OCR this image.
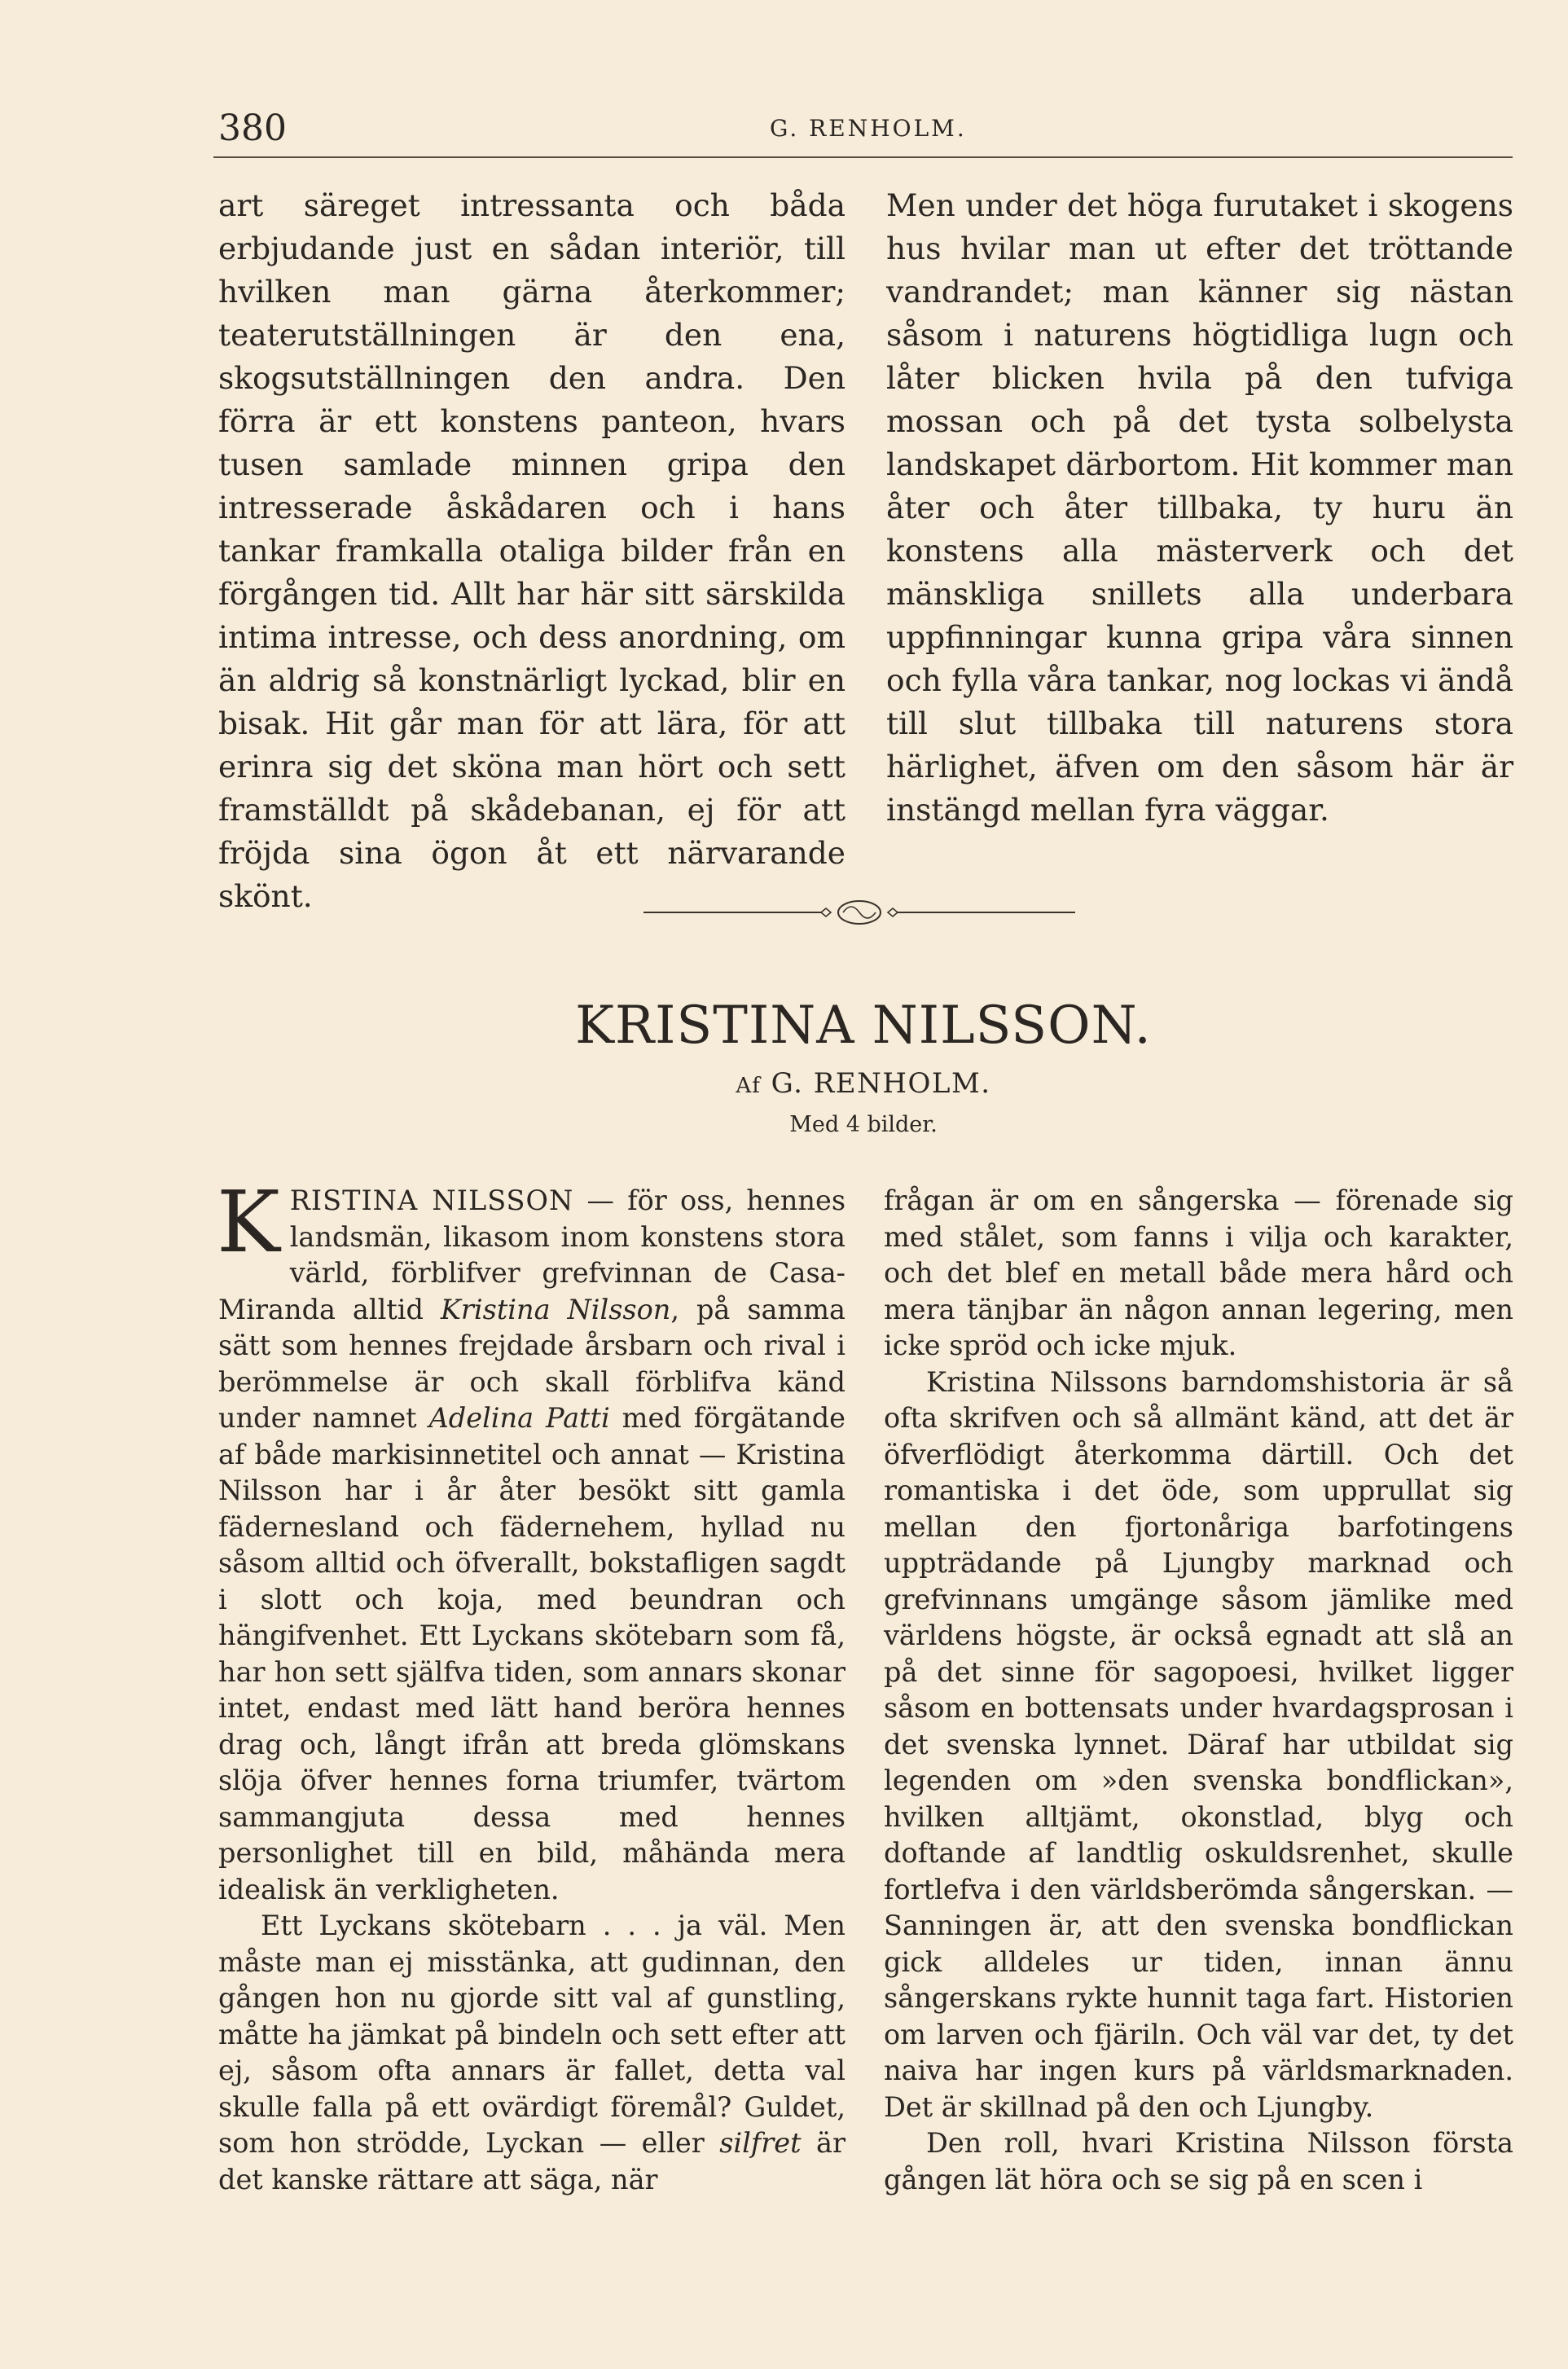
380	G. RENHOLM.

art säreget intressanta och båda erbjudande just en sådan interiör, till hvilken man gärna återkommer; teaterutställningen är den ena, skogsutställningen den andra. Den förra är ett konstens panteon, hvars tusen samlade minnen gripa den intresserade åskådaren och i hans tankar framkalla otaliga bilder från en förgången tid. Allt har här sitt särskilda intima intresse, och dess anordning, om än aldrig så konstnärligt lyckad, blir en bisak. Hit går man för att lära, för att erinra sig det sköna man hört och sett framställdt på skådebanan, ej för att fröjda sina ögon åt ett närvarande skönt.

Men under det höga furutaket i skogens hus hvilar man ut efter det tröttande vandrandet; man känner sig nästan såsom i naturens högtidliga lugn och låter blicken hvila på den tufviga mossan och på det tysta solbelysta landskapet därbortom. Hit kommer man åter och åter tillbaka, ty huru än konstens alla mästerverk och det mänskliga snillets alla underbara uppfinningar kunna gripa våra sinnen och fylla våra tankar, nog lockas vi ändå till slut tillbaka till naturens stora härlighet, äfven om den såsom här är instängd mellan fyra väggar.

KRISTINA NILSSON.
Af G. RENHOLM.
Med 4 bilder.

KRISTINA NILSSON — för oss, hennes landsmän, likasom inom konstens stora värld, förblifver grefvinnan de Casa-Miranda alltid Kristina Nilsson, på samma sätt som hennes frejdade årsbarn och rival i berömmelse är och skall förblifva känd under namnet Adelina Patti med förgätande af både markisinnetitel och annat — Kristina Nilsson har i år åter besökt sitt gamla fädernesland och fädernehem, hyllad nu såsom alltid och öfverallt, bokstafligen sagdt i slott och koja, med beundran och hängifvenhet. Ett Lyckans skötebarn som få, har hon sett själfva tiden, som annars skonar intet, endast med lätt hand beröra hennes drag och, långt ifrån att breda glömskans slöja öfver hennes forna triumfer, tvärtom sammangjuta dessa med hennes personlighet till en bild, måhända mera idealisk än verkligheten.

Ett Lyckans skötebarn . . . ja väl. Men måste man ej misstänka, att gudinnan, den gången hon nu gjorde sitt val af gunstling, måtte ha jämkat på bindeln och sett efter att ej, såsom ofta annars är fallet, detta val skulle falla på ett ovärdigt föremål? Guldet, som hon strödde, Lyckan — eller silfret är det kanske rättare att säga, när

frågan är om en sångerska — förenade sig med stålet, som fanns i vilja och karakter, och det blef en metall både mera hård och mera tänjbar än någon annan legering, men icke spröd och icke mjuk.

Kristina Nilssons barndomshistoria är så ofta skrifven och så allmänt känd, att det är öfverflödigt återkomma därtill. Och det romantiska i det öde, som upprullat sig mellan den fjortonåriga barfotingens uppträdande på Ljungby marknad och grefvinnans umgänge såsom jämlike med världens högste, är också egnadt att slå an på det sinne för sagopoesi, hvilket ligger såsom en bottensats under hvardagsprosan i det svenska lynnet. Däraf har utbildat sig legenden om »den svenska bondflickan», hvilken alltjämt, okonstlad, blyg och doftande af landtlig oskuldsrenhet, skulle fortlefva i den världsberömda sångerskan. — Sanningen är, att den svenska bondflickan gick alldeles ur tiden, innan ännu sångerskans rykte hunnit taga fart. Historien om larven och fjäriln. Och väl var det, ty det naiva har ingen kurs på världsmarknaden. Det är skillnad på den och Ljungby.

Den roll, hvari Kristina Nilsson första gången lät höra och se sig på en scen i
